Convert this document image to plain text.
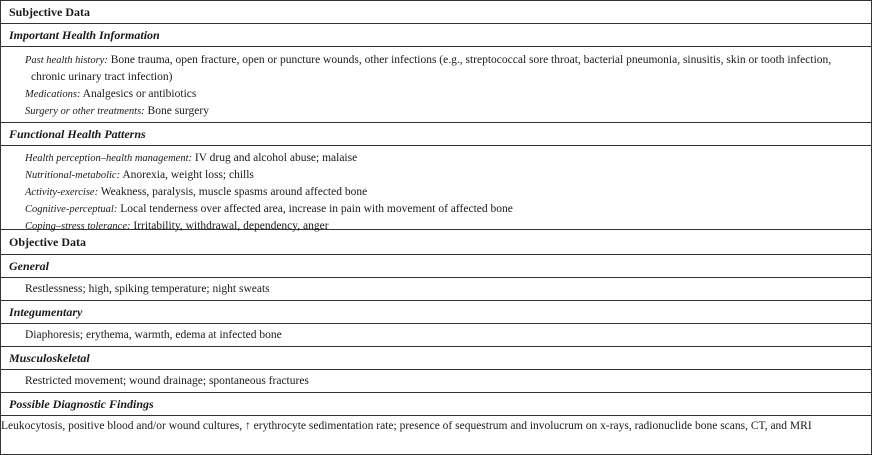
Subjective Data
Important Health Information
Past health history: Bone trauma, open fracture, open or puncture wounds, other infections (e.g., streptococcal sore throat, bacterial pneumonia, sinusitis, skin or tooth infection, chronic urinary tract infection)
Medications: Analgesics or antibiotics
Surgery or other treatments: Bone surgery
Functional Health Patterns
Health perception–health management: IV drug and alcohol abuse; malaise
Nutritional-metabolic: Anorexia, weight loss; chills
Activity-exercise: Weakness, paralysis, muscle spasms around affected bone
Cognitive-perceptual: Local tenderness over affected area, increase in pain with movement of affected bone
Coping–stress tolerance: Irritability, withdrawal, dependency, anger
Objective Data
General
Restlessness; high, spiking temperature; night sweats
Integumentary
Diaphoresis; erythema, warmth, edema at infected bone
Musculoskeletal
Restricted movement; wound drainage; spontaneous fractures
Possible Diagnostic Findings
Leukocytosis, positive blood and/or wound cultures, ↑ erythrocyte sedimentation rate; presence of sequestrum and involucrum on x-rays, radionuclide bone scans, CT, and MRI
